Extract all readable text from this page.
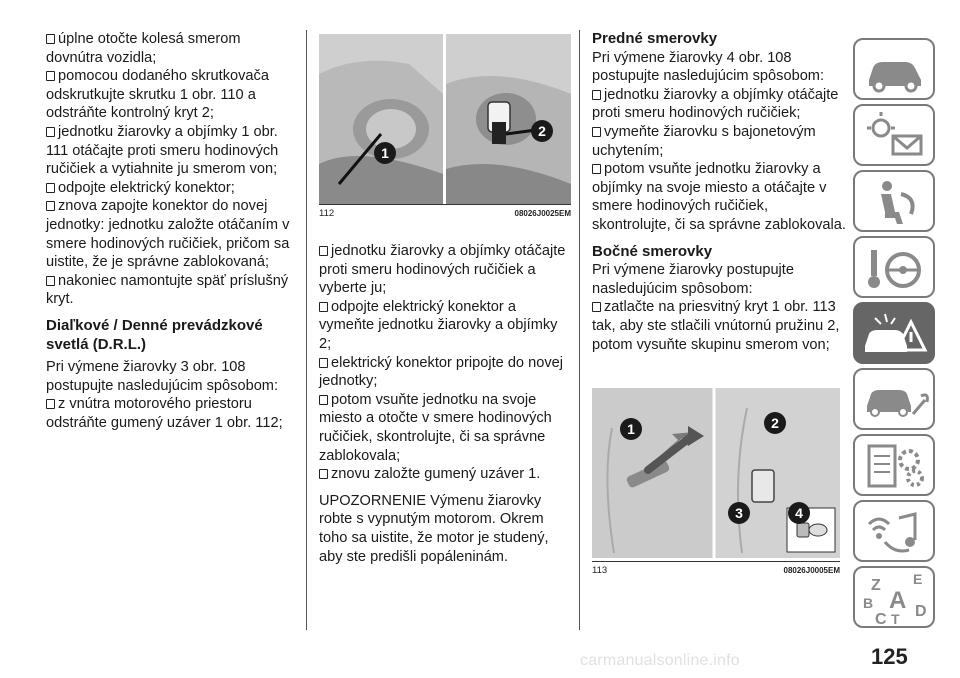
úplne otočte kolesá smerom dovnútra vozidla;

pomocou dodaného skrutkovača odskrutkujte skrutku 1 obr. 110 a odstráňte kontrolný kryt 2;

jednotku žiarovky a objímky 1 obr. 111 otáčajte proti smeru hodinových ručičiek a vytiahnite ju smerom von;

odpojte elektrický konektor;

znova zapojte konektor do novej jednotky: jednotku založte otáčaním v smere hodinových ručičiek, pričom sa uistite, že je správne zablokovaná;

nakoniec namontujte späť príslušný kryt.

Diaľkové / Denné prevádzkové svetlá (D.R.L.)

Pri výmene žiarovky 3 obr. 108 postupujte nasledujúcim spôsobom:

z vnútra motorového priestoru odstráňte gumený uzáver 1 obr. 112;

1
2
112	08026J0025EM

jednotku žiarovky a objímky otáčajte proti smeru hodinových ručičiek a vyberte ju;

odpojte elektrický konektor a vymeňte jednotku žiarovky a objímky 2;

elektrický konektor pripojte do novej jednotky;

potom vsuňte jednotku na svoje miesto a otočte v smere hodinových ručičiek, skontrolujte, či sa správne zablokovala;

znovu založte gumený uzáver 1.

UPOZORNENIE Výmenu žiarovky robte s vypnutým motorom. Okrem toho sa uistite, že motor je studený, aby ste predišli popáleninám.

Predné smerovky

Pri výmene žiarovky 4 obr. 108 postupujte nasledujúcim spôsobom:

jednotku žiarovky a objímky otáčajte proti smeru hodinových ručičiek;

vymeňte žiarovku s bajonetovým uchytením;

potom vsuňte jednotku žiarovky a objímky na svoje miesto a otáčajte v smere hodinových ručičiek, skontrolujte, či sa správne zablokovala.

Bočné smerovky

Pri výmene žiarovky postupujte nasledujúcim spôsobom:

zatlačte na priesvitný kryt 1 obr. 113 tak, aby ste stlačili vnútornú pružinu 2, potom vysuňte skupinu smerom von;

1	2
3	4
113	08026J0005EM
Z E
A
B
C T D
carmanualsonline.info	125
